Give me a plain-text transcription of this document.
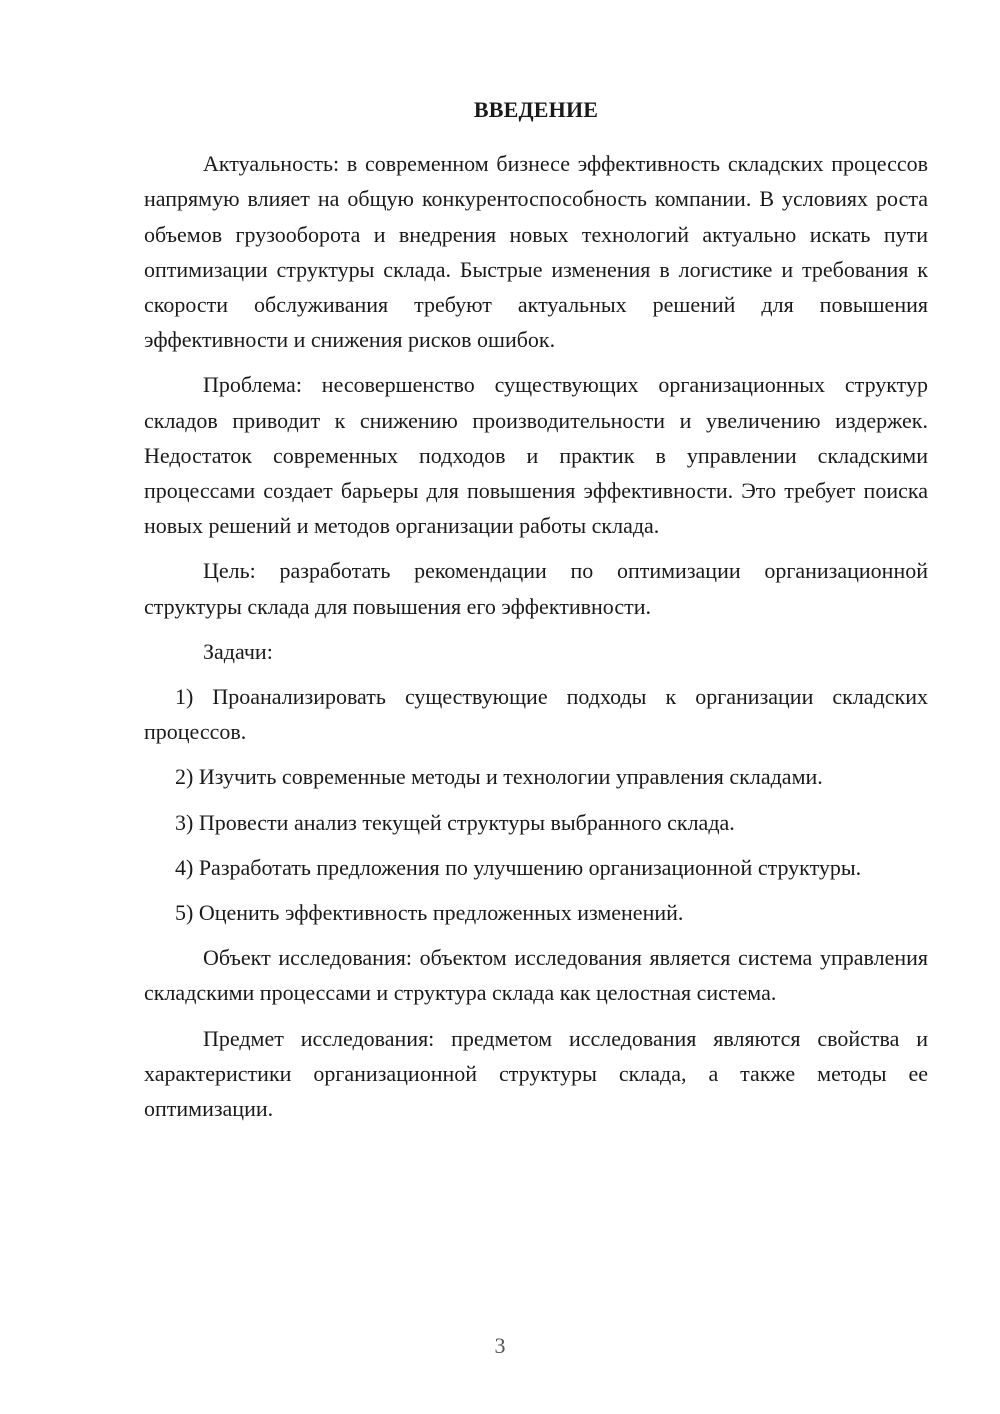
ВВЕДЕНИЕ

Актуальность: в современном бизнесе эффективность складских процессов напрямую влияет на общую конкурентоспособность компании. В условиях роста объемов грузооборота и внедрения новых технологий актуально искать пути оптимизации структуры склада. Быстрые изменения в логистике и требования к скорости обслуживания требуют актуальных решений для повышения эффективности и снижения рисков ошибок.

Проблема: несовершенство существующих организационных структур складов приводит к снижению производительности и увеличению издержек. Недостаток современных подходов и практик в управлении складскими процессами создает барьеры для повышения эффективности. Это требует поиска новых решений и методов организации работы склада.

Цель: разработать рекомендации по оптимизации организационной структуры склада для повышения его эффективности.

Задачи:

1) Проанализировать существующие подходы к организации складских процессов.

2) Изучить современные методы и технологии управления складами.

3) Провести анализ текущей структуры выбранного склада.

4) Разработать предложения по улучшению организационной структуры.

5) Оценить эффективность предложенных изменений.

Объект исследования: объектом исследования является система управления складскими процессами и структура склада как целостная система.

Предмет исследования: предметом исследования являются свойства и характеристики организационной структуры склада, а также методы ее оптимизации.

3
